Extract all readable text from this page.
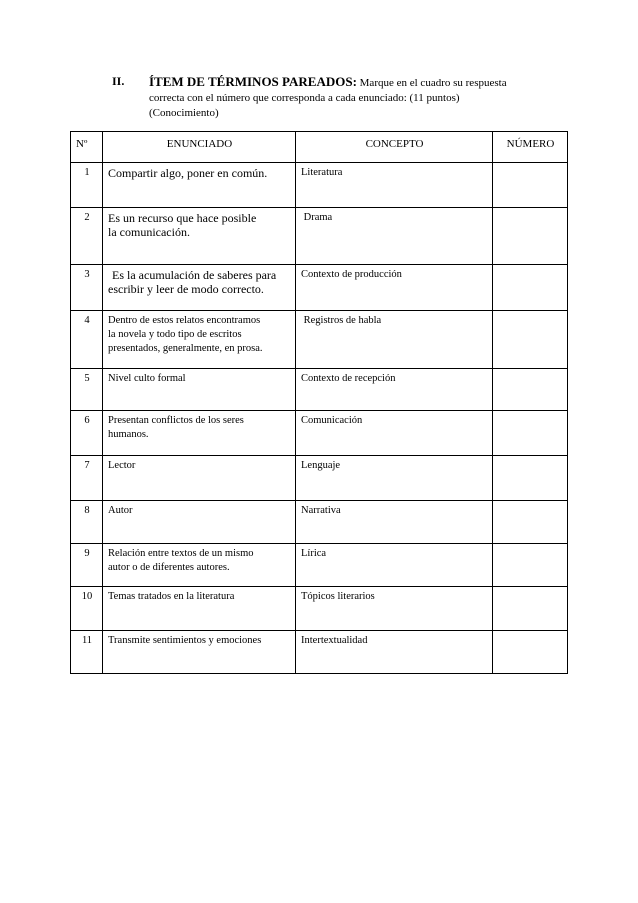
II. ÍTEM DE TÉRMINOS PAREADOS: Marque en el cuadro su respuesta
correcta con el número que corresponda a cada enunciado: (11 puntos)
(Conocimiento)
Nº	ENUNCIADO	CONCEPTO	NÚMERO
1	Compartir algo, poner en común.	Literatura	
2	Es un recurso que hace posible
la comunicación.	Drama	
3	Es la acumulación de saberes para
escribir y leer de modo correcto.	Contexto de producción	
4	Dentro de estos relatos encontramos
la novela y todo tipo de escritos
presentados, generalmente, en prosa.	Registros de habla	
5	Nivel culto formal	Contexto de recepción	
6	Presentan conflictos de los seres
humanos.	Comunicación	
7	Lector	Lenguaje	
8	Autor	Narrativa	
9	Relación entre textos de un mismo
autor o de diferentes autores.	Lírica	
10	Temas tratados en la literatura	Tópicos literarios	
11	Transmite sentimientos y emociones	Intertextualidad	
